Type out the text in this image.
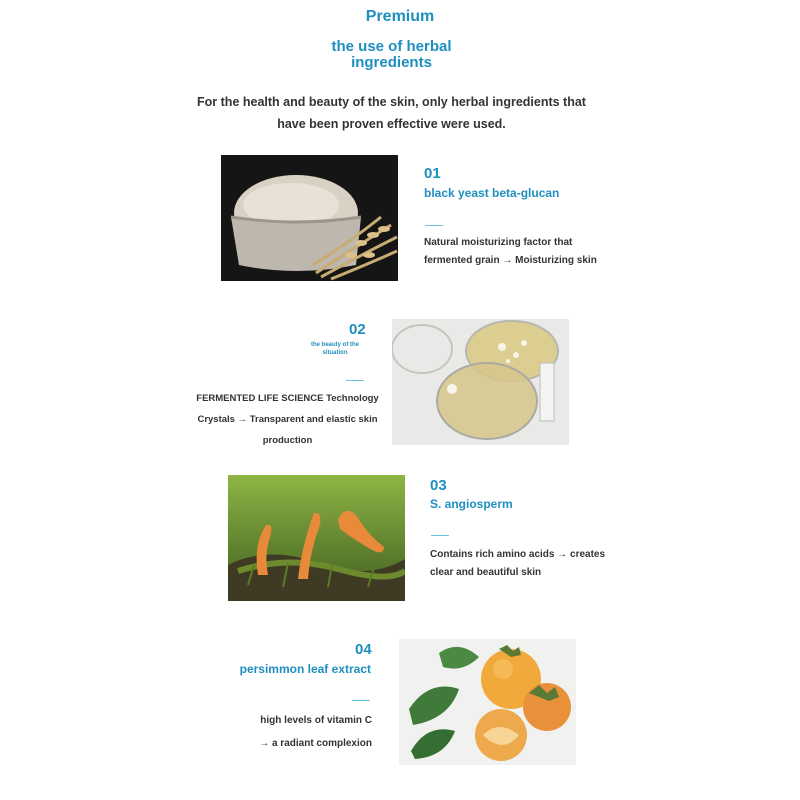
Premium
the use of herbal
ingredients
For the health and beauty of the skin, only herbal ingredients that
have been proven effective were used.
01
black yeast beta-glucan
Natural moisturizing factor that
fermented grain → Moisturizing skin
02
the beauty of the
situation
FERMENTED LIFE SCIENCE Technology
Crystals → Transparent and elastic skin
production
03
S. angiosperm
Contains rich amino acids → creates
clear and beautiful skin
04
persimmon leaf extract
high levels of vitamin C
→ a radiant complexion
